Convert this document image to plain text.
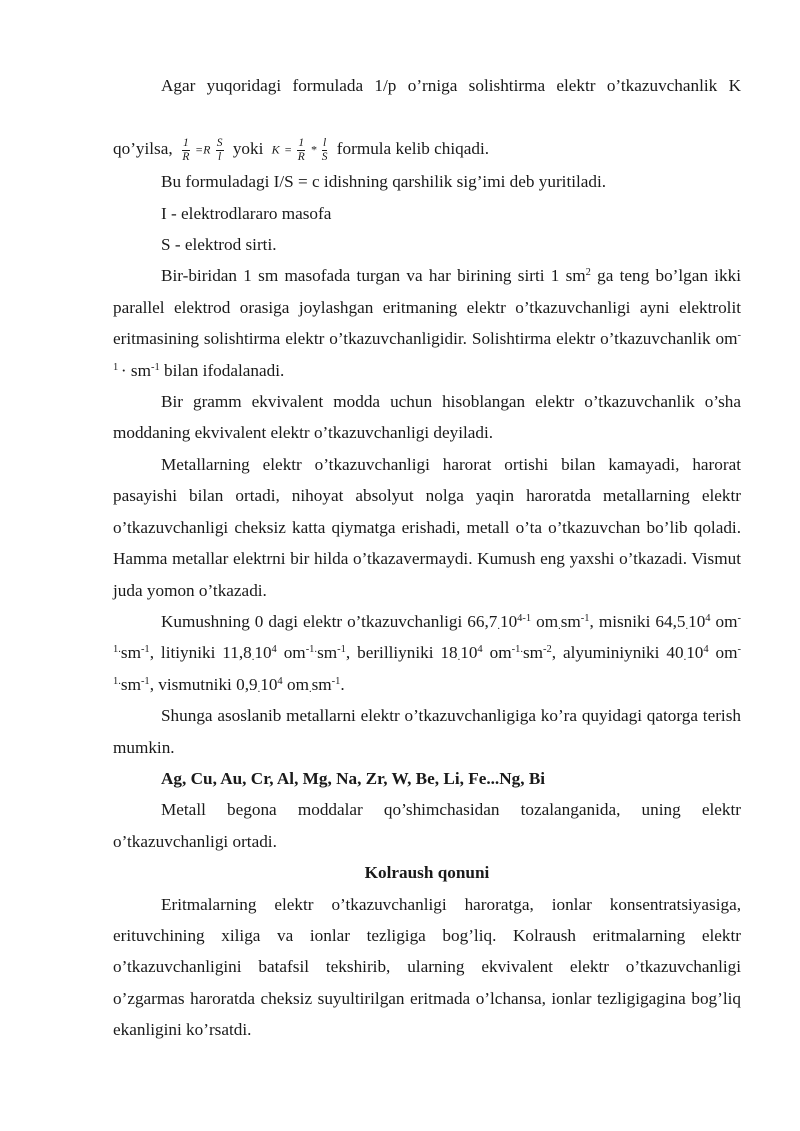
Agar yuqoridagi formulada 1/p o’rniga solishtirma elektr o’tkazuvchanlik K

qo’yilsa, $\frac{1}{R} =R \frac{S}{l}$ yoki $K = \frac{1}{R} * \frac{l}{S}$ formula kelib chiqadi.

Bu formuladagi I/S = c idishning qarshilik sig’imi deb yuritiladi.

I - elektrodlararo masofa

S - elektrod sirti.

Bir-biridan 1 sm masofada turgan va har birining sirti 1 $sm^2$ ga teng bo’lgan ikki parallel elektrod orasiga joylashgan eritmaning elektr o’tkazuvchanligi ayni elektrolit eritmasining solishtirma elektr o’tkazuvchanligidir. Solishtirma elektr o’tkazuvchanlik $om^{-1} \cdot sm^{-1}$ bilan ifodalanadi.

Bir gramm ekvivalent modda uchun hisoblangan elektr o’tkazuvchanlik o’sha moddaning ekvivalent elektr o’tkazuvchanligi deyiladi.

Metallarning elektr o’tkazuvchanligi harorat ortishi bilan kamayadi, harorat pasayishi bilan ortadi, nihoyat absolyut nolga yaqin haroratda metallarning elektr o’tkazuvchanligi cheksiz katta qiymatga erishadi, metall o’ta o’tkazuvchan bo’lib qoladi. Hamma metallar elektrni bir hilda o’tkazavermaydi. Kumush eng yaxshi o’tkazadi. Vismut juda yomon o’tkazadi.

Kumushning 0 dagi elektr o’tkazuvchanligi $66,7_.10^{4-1}$ $om_.sm^{-1}$, misniki $64,5_.10^4$ $om^{-1.}sm^{-1}$, litiyniki $11,8_.10^4$ $om^{-1.}sm^{-1}$, berilliyniki $18_.10^4$ $om^{-1.}sm^{-2}$, alyuminiyniki $40_.10^4$ $om^{-1.}sm^{-1}$, vismutniki $0,9_.10^4$ $om_.sm^{-1}$.

Shunga asoslanib metallarni elektr o’tkazuvchanligiga ko’ra quyidagi qatorga terish mumkin.

Ag, Cu, Au, Cr, Al, Mg, Na, Zr, W, Be, Li, Fe...Ng, Bi

Metall begona moddalar qo’shimchasidan tozalanganida, uning elektr o’tkazuvchanligi ortadi.

Kolraush qonuni

Eritmalarning elektr o’tkazuvchanligi haroratga, ionlar konsentratsiyasiga, erituvchining xiliga va ionlar tezligiga bog’liq. Kolraush eritmalarning elektr o’tkazuvchanligini batafsil tekshirib, ularning ekvivalent elektr o’tkazuvchanligi o’zgarmas haroratda cheksiz suyultirilgan eritmada o’lchansa, ionlar tezligigagina bog’liq ekanligini ko’rsatdi.
